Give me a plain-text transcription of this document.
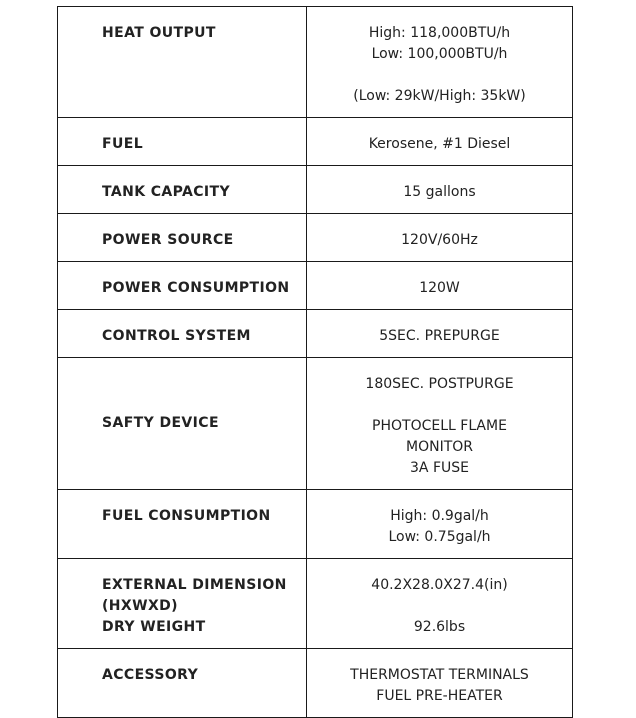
HEAT OUTPUT	High: 118,000BTU/h
Low: 100,000BTU/h
(Low: 29kW/High: 35kW)

FUEL	Kerosene, #1 Diesel

TANK CAPACITY	15 gallons

POWER SOURCE	120V/60Hz

POWER CONSUMPTION	120W

CONTROL SYSTEM	5SEC. PREPURGE

SAFTY DEVICE	180SEC. POSTPURGE
PHOTOCELL FLAME
MONITOR
3A FUSE

FUEL CONSUMPTION	High: 0.9gal/h
Low: 0.75gal/h

EXTERNAL DIMENSION
(HXWXD)
DRY WEIGHT	40.2X28.0X27.4(in)
92.6lbs

ACCESSORY	THERMOSTAT TERMINALS
FUEL PRE-HEATER
